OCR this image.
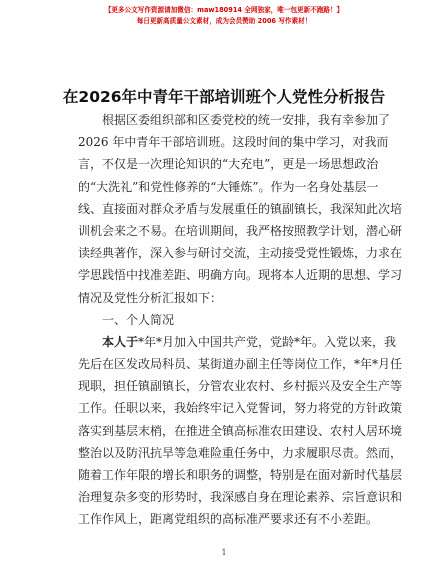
【更多公文写作资源请加微信：maw180914 全网独家，唯一包更新不跑路！】
每日更新高质量公文素材，成为会员赞助 2006 写作素材！
在2026年中青年干部培训班个人党性分析报告
根据区委组织部和区委党校的统一安排，我有幸参加了
2026 年中青年干部培训班。这段时间的集中学习，对我而
言，不仅是一次理论知识的“大充电”，更是一场思想政治
的“大洗礼”和党性修养的“大锤炼”。作为一名身处基层一
线、直接面对群众矛盾与发展重任的镇副镇长，我深知此次培
训机会来之不易。在培训期间，我严格按照教学计划，潜心研
读经典著作，深入参与研讨交流，主动接受党性锻炼，力求在
学思践悟中找准差距、明确方向。现将本人近期的思想、学习
情况及党性分析汇报如下：
一、个人简况
本人于*年*月加入中国共产党，党龄*年。入党以来，我
先后在区发改局科员、某街道办副主任等岗位工作，*年*月任
现职，担任镇副镇长，分管农业农村、乡村振兴及安全生产等
工作。任职以来，我始终牢记入党誓词，努力将党的方针政策
落实到基层末梢，在推进全镇高标准农田建设、农村人居环境
整治以及防汛抗旱等急难险重任务中，力求履职尽责。然而，
随着工作年限的增长和职务的调整，特别是在面对新时代基层
治理复杂多变的形势时，我深感自身在理论素养、宗旨意识和
工作作风上，距离党组织的高标准严要求还有不小差距。
1
